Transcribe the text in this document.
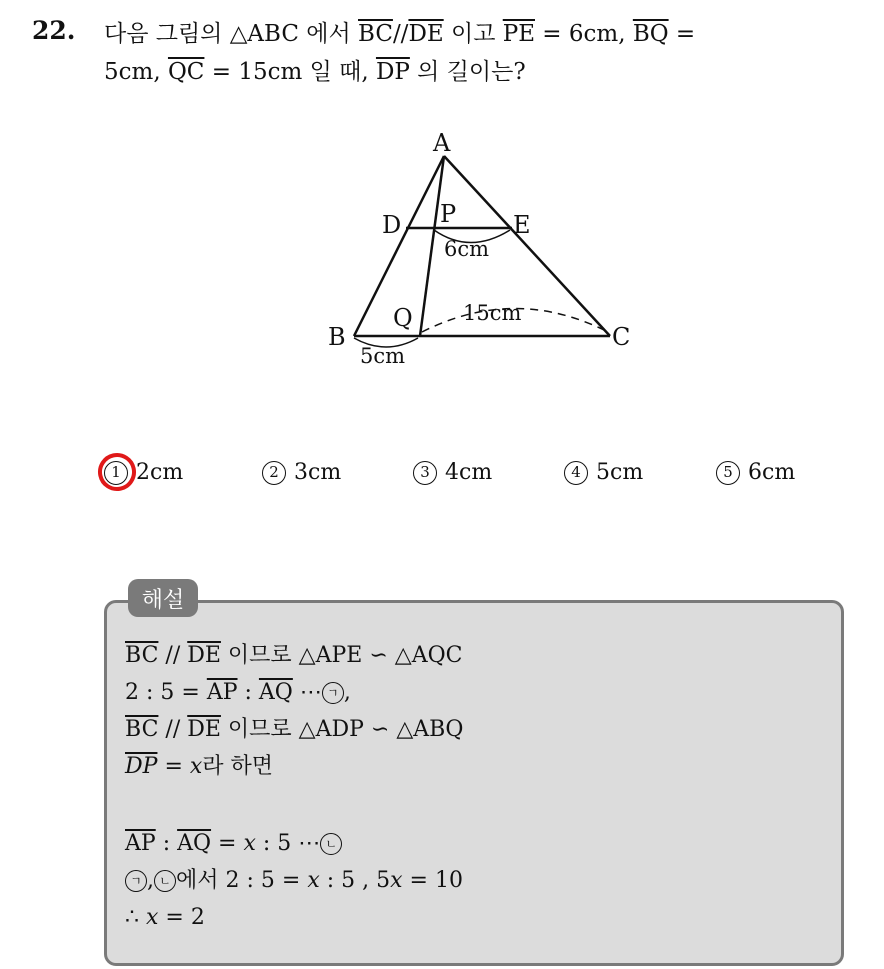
22. 다음 그림의 △ABC 에서 $\overline{BC}//\overline{DE}$ 이고 $\overline{PE} = 6cm$, $\overline{BQ}$ =
5cm, $\overline{QC} = 15cm$ 일 때, $\overline{DP}$ 의 길이는?
A
D P E
B
Q
C
6cm
15cm
5cm
1 2cm	2 3cm	3 4cm	4 5cm	5 6cm
해설
$\overline{BC} // \overline{DE}$ 이므로 △APE ∽ △AQC
2 : $5 = \overline{AP}$ : $\overline{AQ}$ ⋯ ㄱ ,
$\overline{BC} // \overline{DE}$ 이므로 △ADP ∽ △ABQ
$\overline{DP} = x$라 하면
$\overline{AP}$ : $\overline{AQ} = x$ : 5 ⋯ ㄴ
ㄱ , ㄴ 에서 2 : 5 = x : 5 , 5x = 10
∴ x = 2
